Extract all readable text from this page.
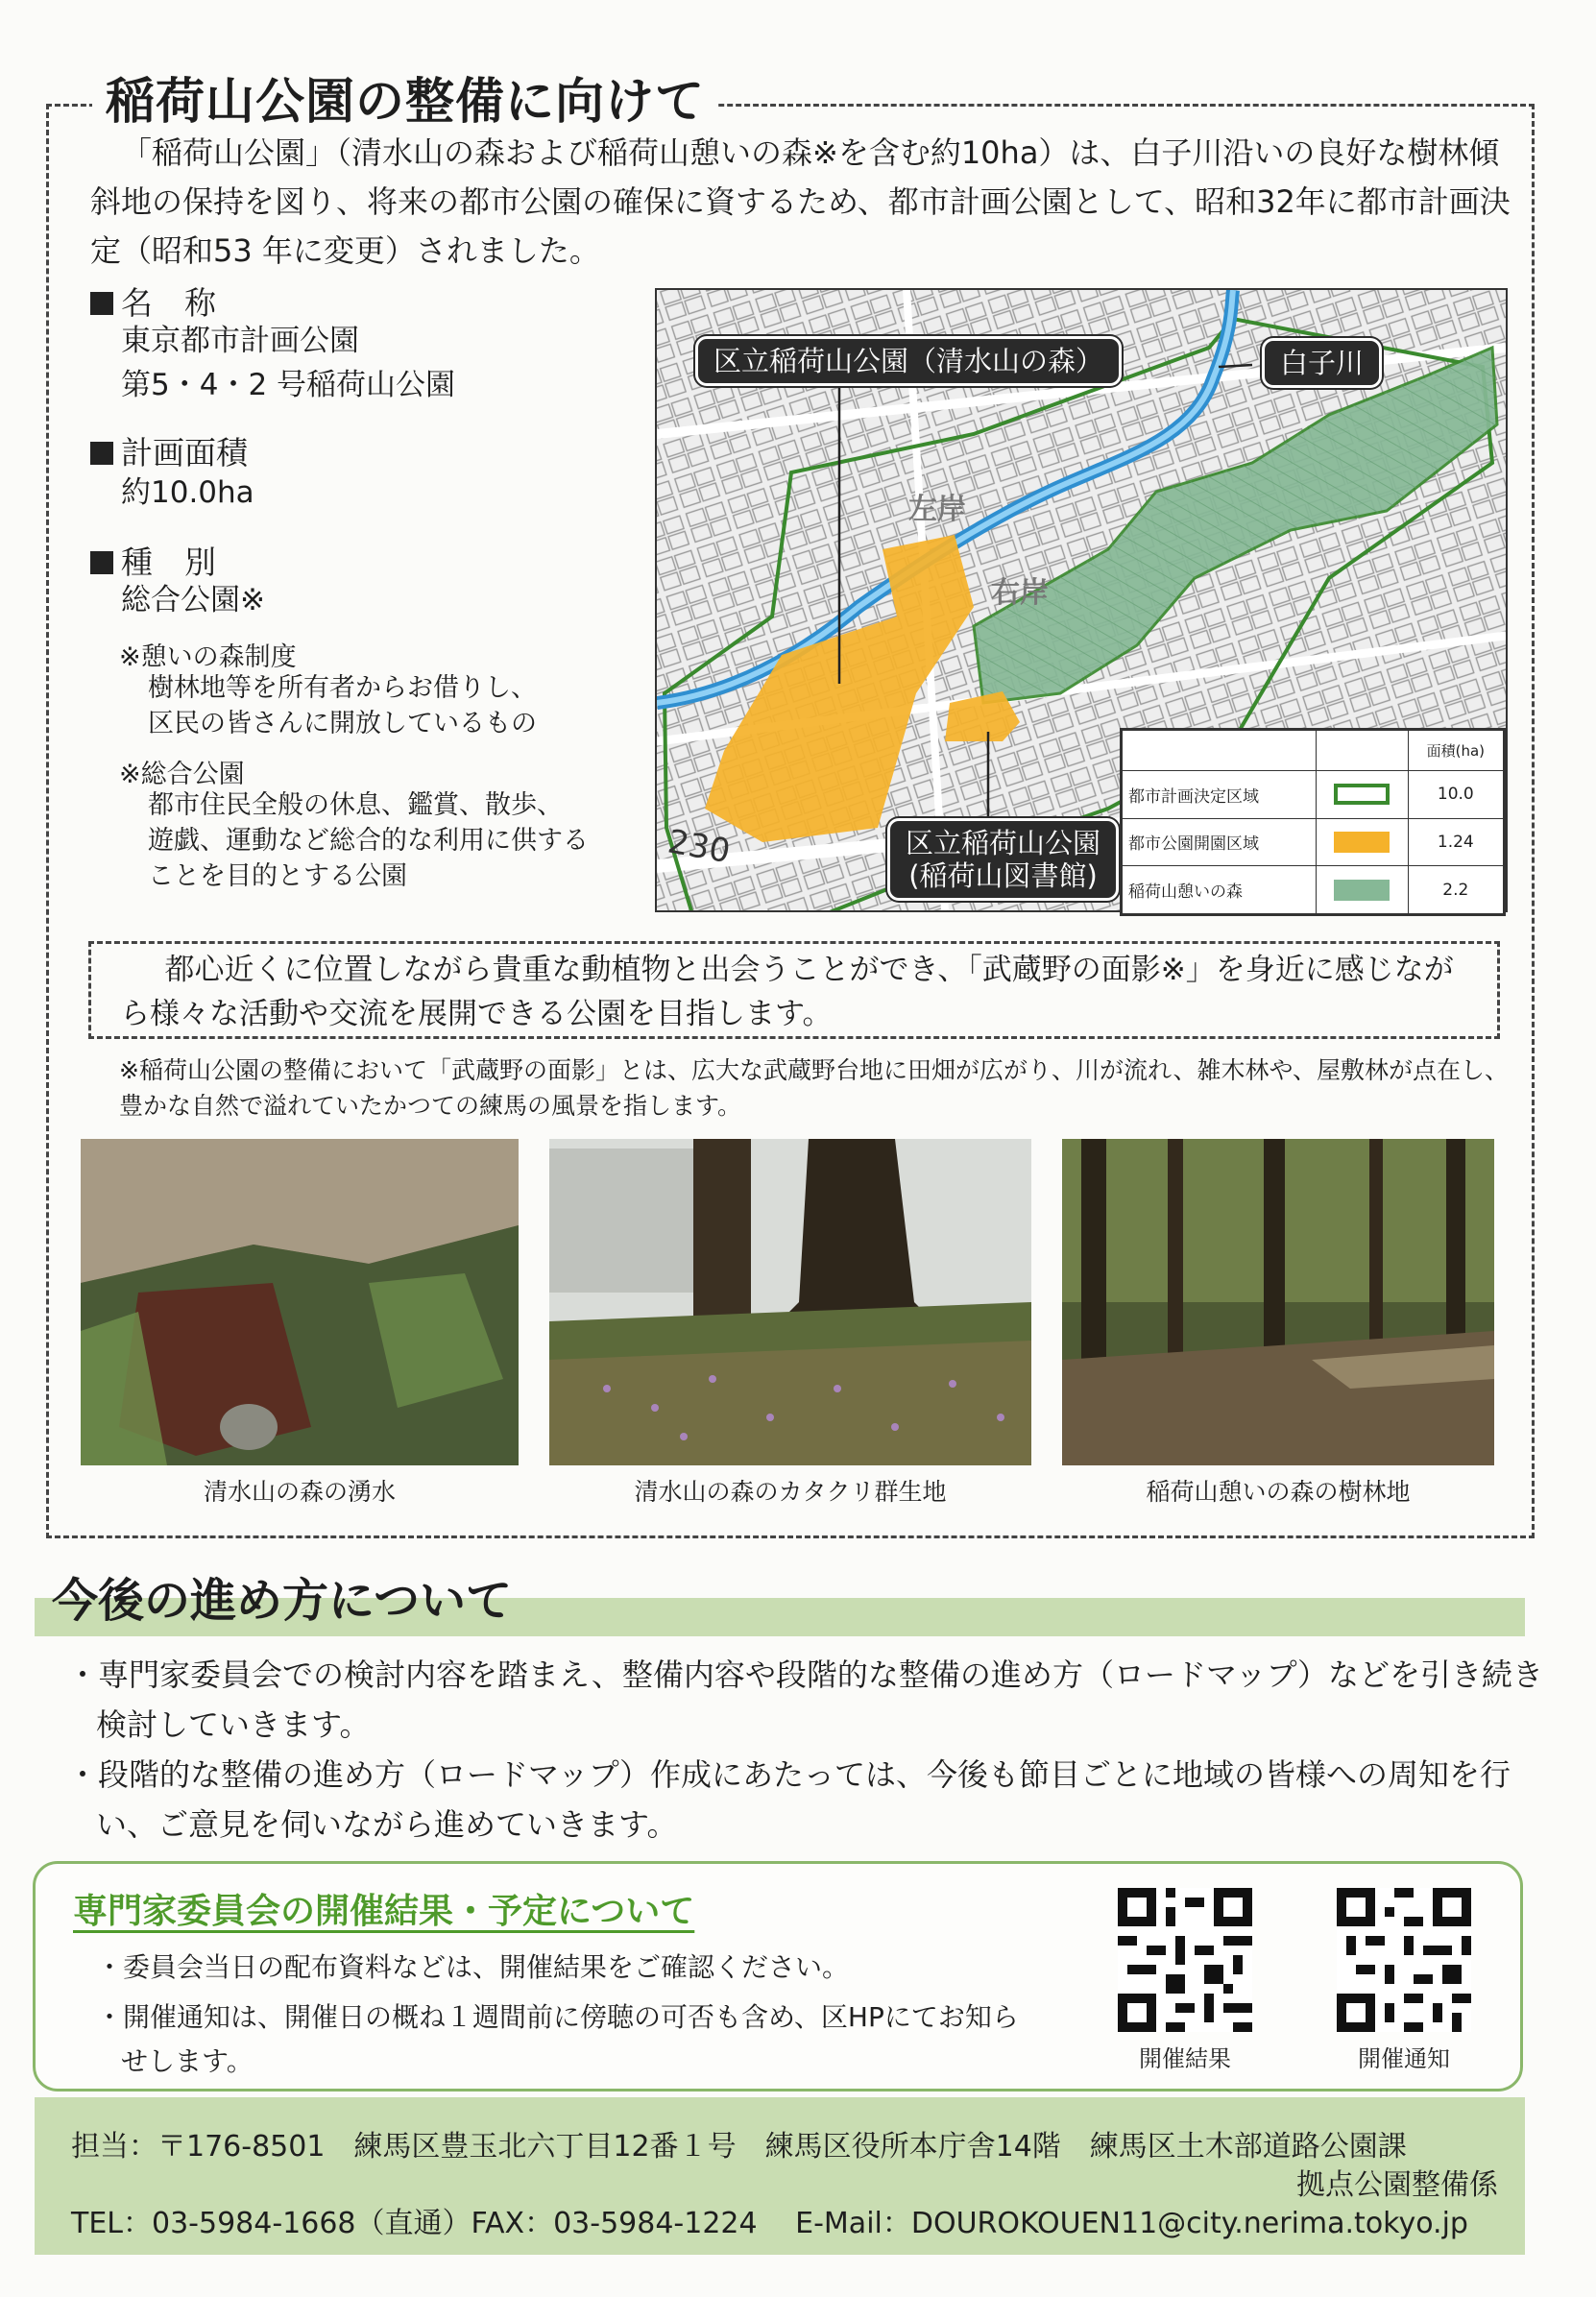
稲荷山公園の整備に向けて
「稲荷山公園」（清水山の森および稲荷山憩いの森※を含む約10ha）は、白子川沿いの良好な樹林傾斜地の保持を図り、将来の都市公園の確保に資するため、都市計画公園として、昭和32年に都市計画決定（昭和53 年に変更）されました。
名　称
東京都市計画公園
第5・4・2 号稲荷山公園
計画面積
約10.0ha
種　別
総合公園※
※憩いの森制度
樹林地等を所有者からお借りし、
区民の皆さんに開放しているもの
※総合公園
都市住民全般の休息、鑑賞、散歩、
遊戯、運動など総合的な利用に供する
ことを目的とする公園
左岸
右岸
230
区立稲荷山公園（清水山の森）	白子川
区立稲荷山公園
(稲荷山図書館)
		面積(ha)
都市計画決定区域		10.0
都市公園開園区域		1.24
稲荷山憩いの森		2.2
都心近くに位置しながら貴重な動植物と出会うことができ、「武蔵野の面影※」を身近に感じながら様々な活動や交流を展開できる公園を目指します。
※稲荷山公園の整備において「武蔵野の面影」とは、広大な武蔵野台地に田畑が広がり、川が流れ、雑木林や、屋敷林が点在し、豊かな自然で溢れていたかつての練馬の風景を指します。
清水山の森の湧水	清水山の森のカタクリ群生地	稲荷山憩いの森の樹林地
今後の進め方について
・専門家委員会での検討内容を踏まえ、整備内容や段階的な整備の進め方（ロードマップ）などを引き続き検討していきます。
・段階的な整備の進め方（ロードマップ）作成にあたっては、今後も節目ごとに地域の皆様への周知を行い、ご意見を伺いながら進めていきます。
専門家委員会の開催結果・予定について
・委員会当日の配布資料などは、開催結果をご確認ください。
・開催通知は、開催日の概ね１週間前に傍聴の可否も含め、区HPにてお知らせします。	開催結果	開催通知
担当：〒176-8501　練馬区豊玉北六丁目12番１号　練馬区役所本庁舎14階　練馬区土木部道路公園課
拠点公園整備係
TEL：03-5984-1668（直通）FAX：03-5984-1224　 E-Mail：DOUROKOUEN11@city.nerima.tokyo.jp
